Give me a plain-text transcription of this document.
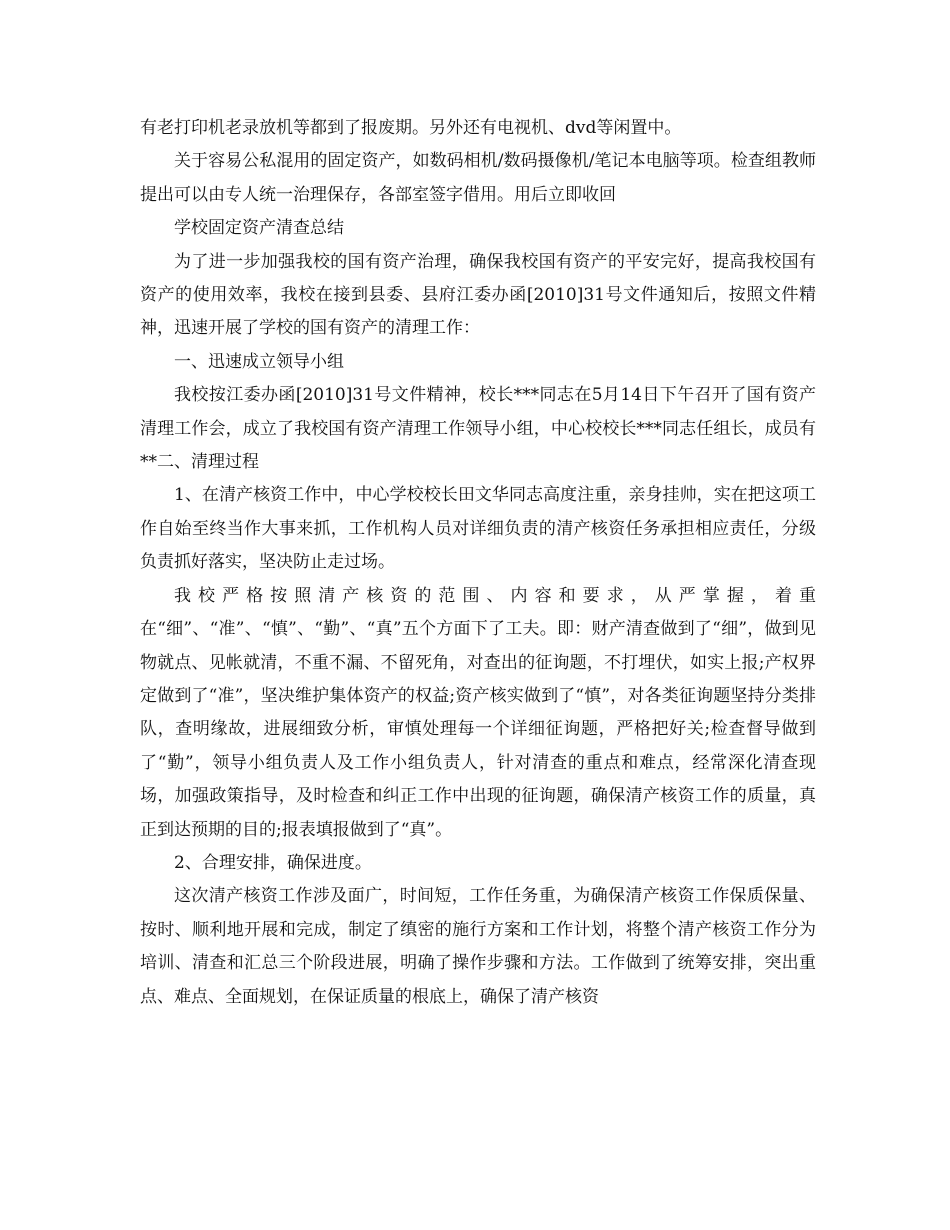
有老打印机老录放机等都到了报废期。另外还有电视机、dvd等闲置中。

关于容易公私混用的固定资产，如数码相机/数码摄像机/笔记本电脑等项。检查组教师提出可以由专人统一治理保存，各部室签字借用。用后立即收回

学校固定资产清查总结

为了进一步加强我校的国有资产治理，确保我校国有资产的平安完好，提高我校国有资产的使用效率，我校在接到县委、县府江委办函[2010]31号文件通知后，按照文件精神，迅速开展了学校的国有资产的清理工作：

一、迅速成立领导小组

我校按江委办函[2010]31号文件精神，校长***同志在5月14日下午召开了国有资产清理工作会，成立了我校国有资产清理工作领导小组，中心校校长***同志任组长，成员有**二、清理过程

1、在清产核资工作中，中心学校校长田文华同志高度注重，亲身挂帅，实在把这项工作自始至终当作大事来抓，工作机构人员对详细负责的清产核资任务承担相应责任，分级负责抓好落实，坚决防止走过场。

我校严格按照清产核资的范围、内容和要求，从严掌握，着重在“细”、“准”、“慎”、“勤”、“真”五个方面下了工夫。即：财产清查做到了“细”，做到见物就点、见帐就清，不重不漏、不留死角，对查出的征询题，不打埋伏，如实上报;产权界定做到了“准”，坚决维护集体资产的权益;资产核实做到了“慎”，对各类征询题坚持分类排队，查明缘故，进展细致分析，审慎处理每一个详细征询题，严格把好关;检查督导做到了“勤”，领导小组负责人及工作小组负责人，针对清查的重点和难点，经常深化清查现场，加强政策指导，及时检查和纠正工作中出现的征询题，确保清产核资工作的质量，真正到达预期的目的;报表填报做到了“真”。

2、合理安排，确保进度。

这次清产核资工作涉及面广，时间短，工作任务重，为确保清产核资工作保质保量、按时、顺利地开展和完成，制定了缜密的施行方案和工作计划，将整个清产核资工作分为培训、清查和汇总三个阶段进展，明确了操作步骤和方法。工作做到了统筹安排，突出重点、难点、全面规划，在保证质量的根底上，确保了清产核资
